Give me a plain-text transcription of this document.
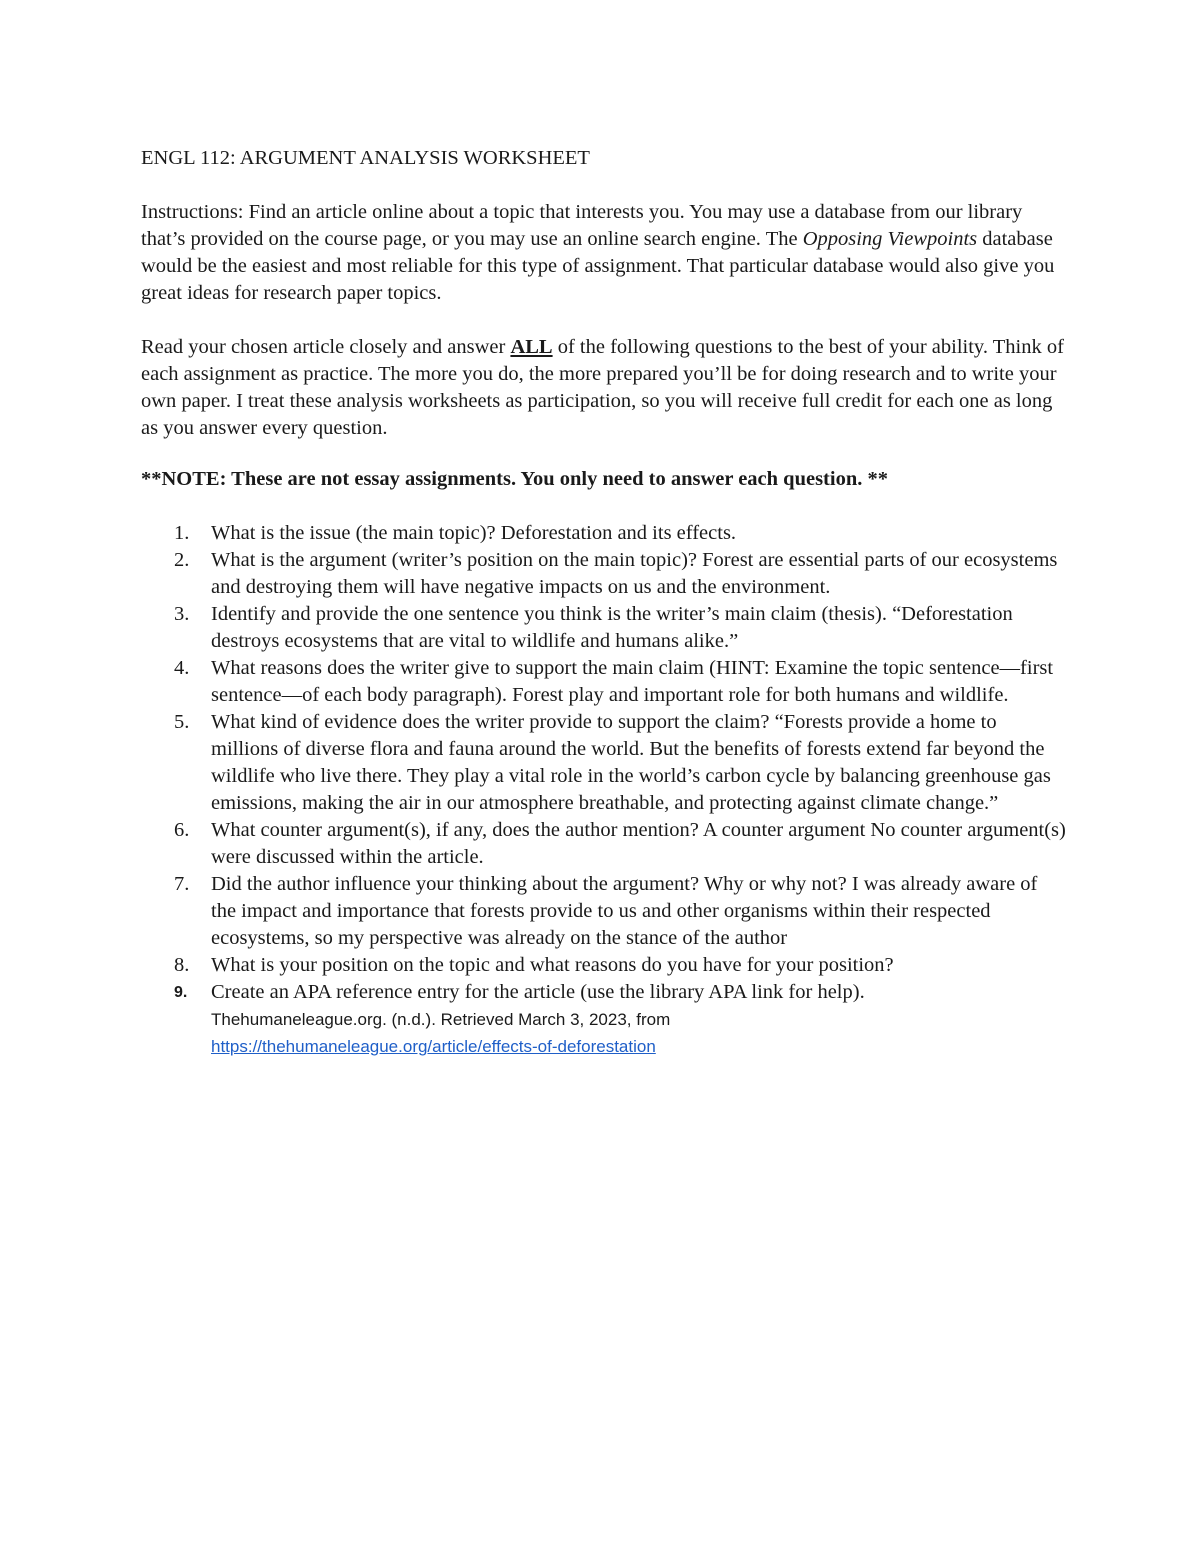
ENGL 112: ARGUMENT ANALYSIS WORKSHEET
Instructions: Find an article online about a topic that interests you. You may use a database from our library that’s provided on the course page, or you may use an online search engine. The Opposing Viewpoints database would be the easiest and most reliable for this type of assignment. That particular database would also give you great ideas for research paper topics.
Read your chosen article closely and answer ALL of the following questions to the best of your ability. Think of each assignment as practice. The more you do, the more prepared you’ll be for doing research and to write your own paper. I treat these analysis worksheets as participation, so you will receive full credit for each one as long as you answer every question.
**NOTE: These are not essay assignments. You only need to answer each question. **
1. What is the issue (the main topic)? Deforestation and its effects.
2. What is the argument (writer’s position on the main topic)? Forest are essential parts of our ecosystems and destroying them will have negative impacts on us and the environment.
3. Identify and provide the one sentence you think is the writer’s main claim (thesis). “Deforestation destroys ecosystems that are vital to wildlife and humans alike.”
4. What reasons does the writer give to support the main claim (HINT: Examine the topic sentence—first sentence—of each body paragraph). Forest play and important role for both humans and wildlife.
5. What kind of evidence does the writer provide to support the claim? “Forests provide a home to millions of diverse flora and fauna around the world. But the benefits of forests extend far beyond the wildlife who live there. They play a vital role in the world’s carbon cycle by balancing greenhouse gas emissions, making the air in our atmosphere breathable, and protecting against climate change.”
6. What counter argument(s), if any, does the author mention? A counter argument No counter argument(s) were discussed within the article.
7. Did the author influence your thinking about the argument? Why or why not? I was already aware of the impact and importance that forests provide to us and other organisms within their respected ecosystems, so my perspective was already on the stance of the author
8. What is your position on the topic and what reasons do you have for your position?
9. Create an APA reference entry for the article (use the library APA link for help).
Thehumaneleague.org. (n.d.). Retrieved March 3, 2023, from
https://thehumaneleague.org/article/effects-of-deforestation
